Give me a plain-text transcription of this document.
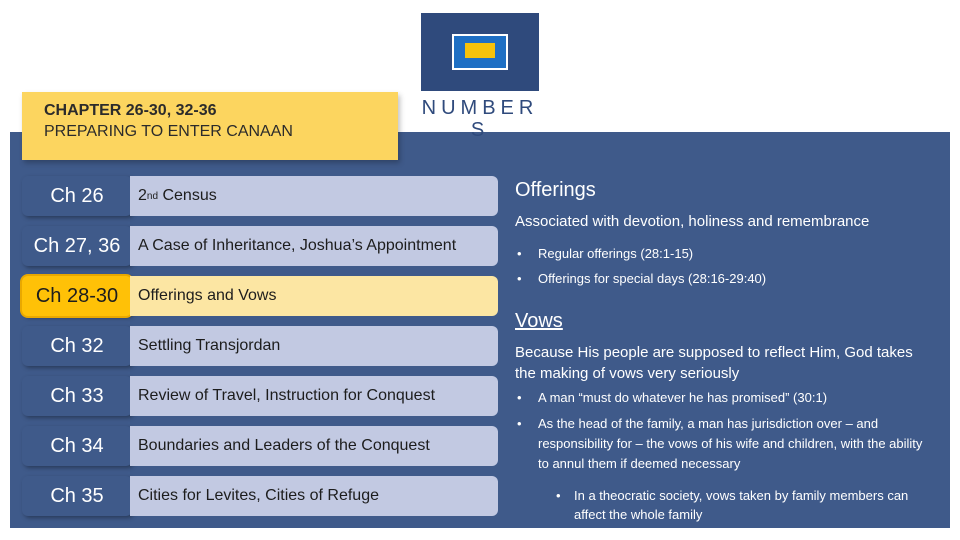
NUMBERS
CHAPTER 26-30, 32-36
PREPARING TO ENTER CANAAN
Ch 26	2 nd Census
Ch 27, 36	A Case of Inheritance, Joshua’s Appointment
Ch 28-30	Offerings and Vows
Ch 32	Settling Transjordan
Ch 33	Review of Travel, Instruction for Conquest
Ch 34	Boundaries and Leaders of the Conquest
Ch 35	Cities for Levites, Cities of Refuge
Offerings
Associated with devotion, holiness and remembrance
• Regular offerings (28:1-15)
• Offerings for special days (28:16-29:40)
Vows
Because His people are supposed to reflect Him, God takes the making of vows very seriously
• A man “must do whatever he has promised” (30:1)
• As the head of the family, a man has jurisdiction over – and responsibility for – the vows of his wife and children, with the ability to annul them if deemed necessary
• In a theocratic society, vows taken by family members can affect the whole family
